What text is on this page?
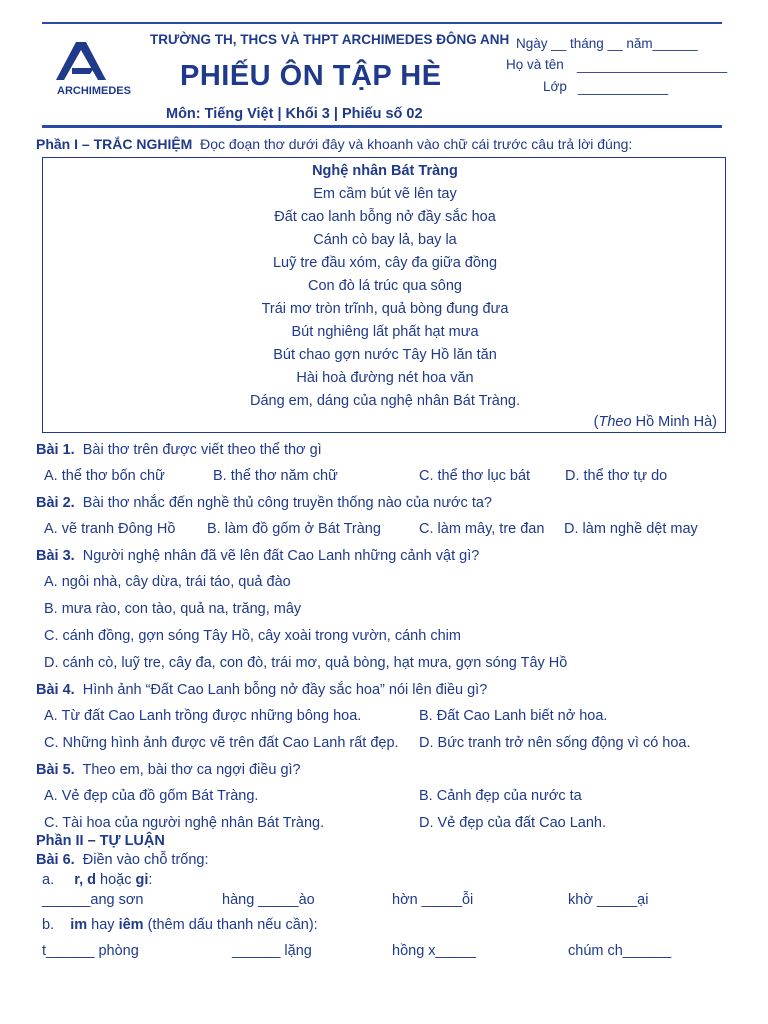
ARCHIMEDES
TRƯỜNG TH, THCS VÀ THPT ARCHIMEDES ĐÔNG ANH
PHIẾU ÔN TẬP HÈ
Môn: Tiếng Việt | Khối 3 | Phiếu số 02
Ngày __ tháng __ năm______
Họ và tên ____________________
Lớp ____________
Phần I – TRẮC NGHIỆM Đọc đoạn thơ dưới đây và khoanh vào chữ cái trước câu trả lời đúng:
Nghệ nhân Bát Tràng
Em cầm bút vẽ lên tay
Đất cao lanh bỗng nở đầy sắc hoa
Cánh cò bay lả, bay la
Luỹ tre đầu xóm, cây đa giữa đồng
Con đò lá trúc qua sông
Trái mơ tròn trĩnh, quả bòng đung đưa
Bút nghiêng lất phất hạt mưa
Bút chao gợn nước Tây Hồ lăn tăn
Hài hoà đường nét hoa văn
Dáng em, dáng của nghệ nhân Bát Tràng.
(Theo Hồ Minh Hà)
Bài 1. Bài thơ trên được viết theo thể thơ gì
A. thể thơ bốn chữ	B. thể thơ năm chữ	C. thể thơ lục bát D. thể thơ tự do
Bài 2. Bài thơ nhắc đến nghề thủ công truyền thống nào của nước ta?
A. vẽ tranh Đông Hồ B. làm đồ gốm ở Bát Tràng	C. làm mây, tre đan D. làm nghề dệt may
Bài 3. Người nghệ nhân đã vẽ lên đất Cao Lanh những cảnh vật gì?
A. ngôi nhà, cây dừa, trái táo, quả đào
B. mưa rào, con tào, quả na, trăng, mây
C. cánh đồng, gợn sóng Tây Hồ, cây xoài trong vườn, cánh chim
D. cánh cò, luỹ tre, cây đa, con đò, trái mơ, quả bòng, hạt mưa, gợn sóng Tây Hồ
Bài 4. Hình ảnh “Đất Cao Lanh bỗng nở đầy sắc hoa” nói lên điều gì?
A. Từ đất Cao Lanh trồng được những bông hoa.	B. Đất Cao Lanh biết nở hoa.
C. Những hình ảnh được vẽ trên đất Cao Lanh rất đẹp. D. Bức tranh trở nên sống động vì có hoa.
Bài 5. Theo em, bài thơ ca ngợi điều gì?
A. Vẻ đẹp của đồ gốm Bát Tràng.	B. Cảnh đẹp của nước ta
C. Tài hoa của người nghệ nhân Bát Tràng.	D. Vẻ đẹp của đất Cao Lanh.
Phần II – TỰ LUẬN
Bài 6. Điền vào chỗ trống:
a. r, d hoặc gi:
______ang sơn	hàng _____ào	hờn _____ỗi	khờ _____ại
b. im hay iêm (thêm dấu thanh nếu cần):
t______ phòng	______ lặng	hồng x_____	chúm ch______
